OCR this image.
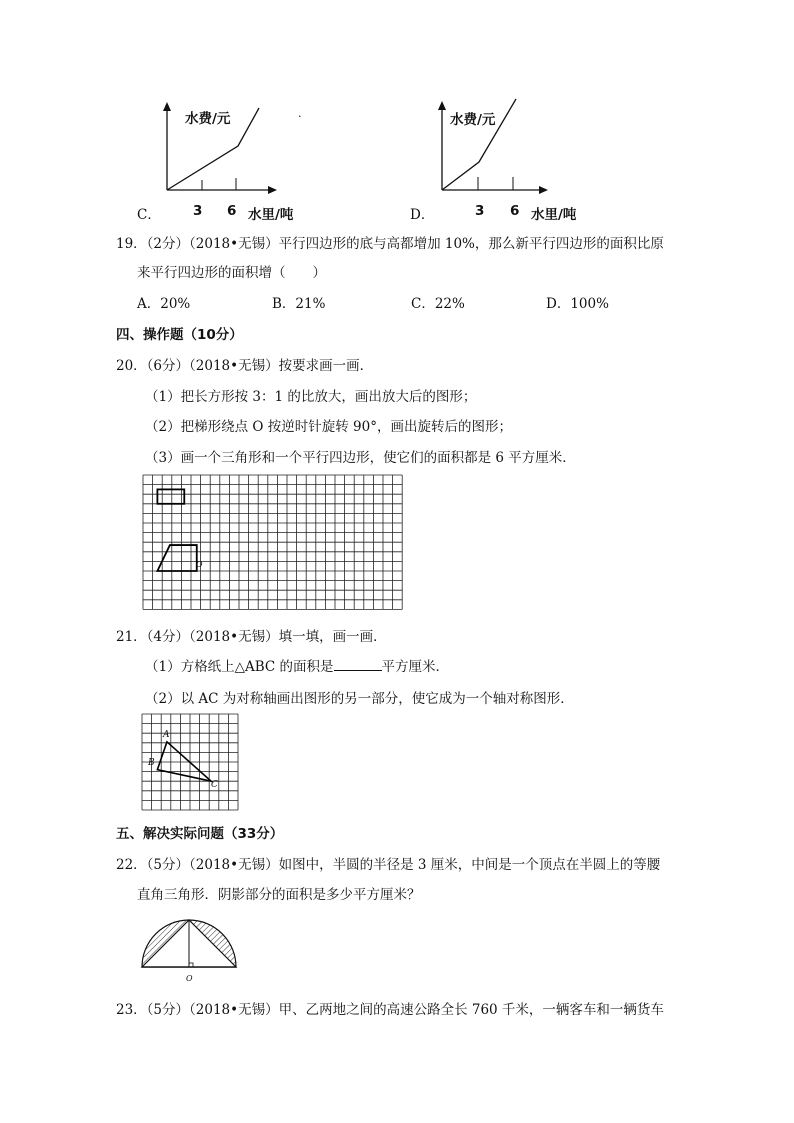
水费/元	.
C． 3 6 水里/吨
水费/元
D．	3 6 水里/吨
19．（2分）（2018•无锡）平行四边形的底与高都增加 10%，那么新平行四边形的面积比原
来平行四边形的面积增（　　）
A．20%	B．21%	C．22%	D．100%
四、操作题（10分）
20．（6分）（2018•无锡）按要求画一画．
（1）把长方形按 3：1 的比放大，画出放大后的图形；
（2）把梯形绕点 O 按逆时针旋转 90°，画出旋转后的图形；
（3）画一个三角形和一个平行四边形，使它们的面积都是 6 平方厘米．
O
21．（4分）（2018•无锡）填一填，画一画．
（1）方格纸上△ABC 的面积是	平方厘米．
（2）以 AC 为对称轴画出图形的另一部分，使它成为一个轴对称图形．
A
B
C
五、解决实际问题（33分）
22．（5分）（2018•无锡）如图中，半圆的半径是 3 厘米，中间是一个顶点在半圆上的等腰
直角三角形．阴影部分的面积是多少平方厘米？
O
23．（5分）（2018•无锡）甲、乙两地之间的高速公路全长 760 千米，一辆客车和一辆货车
